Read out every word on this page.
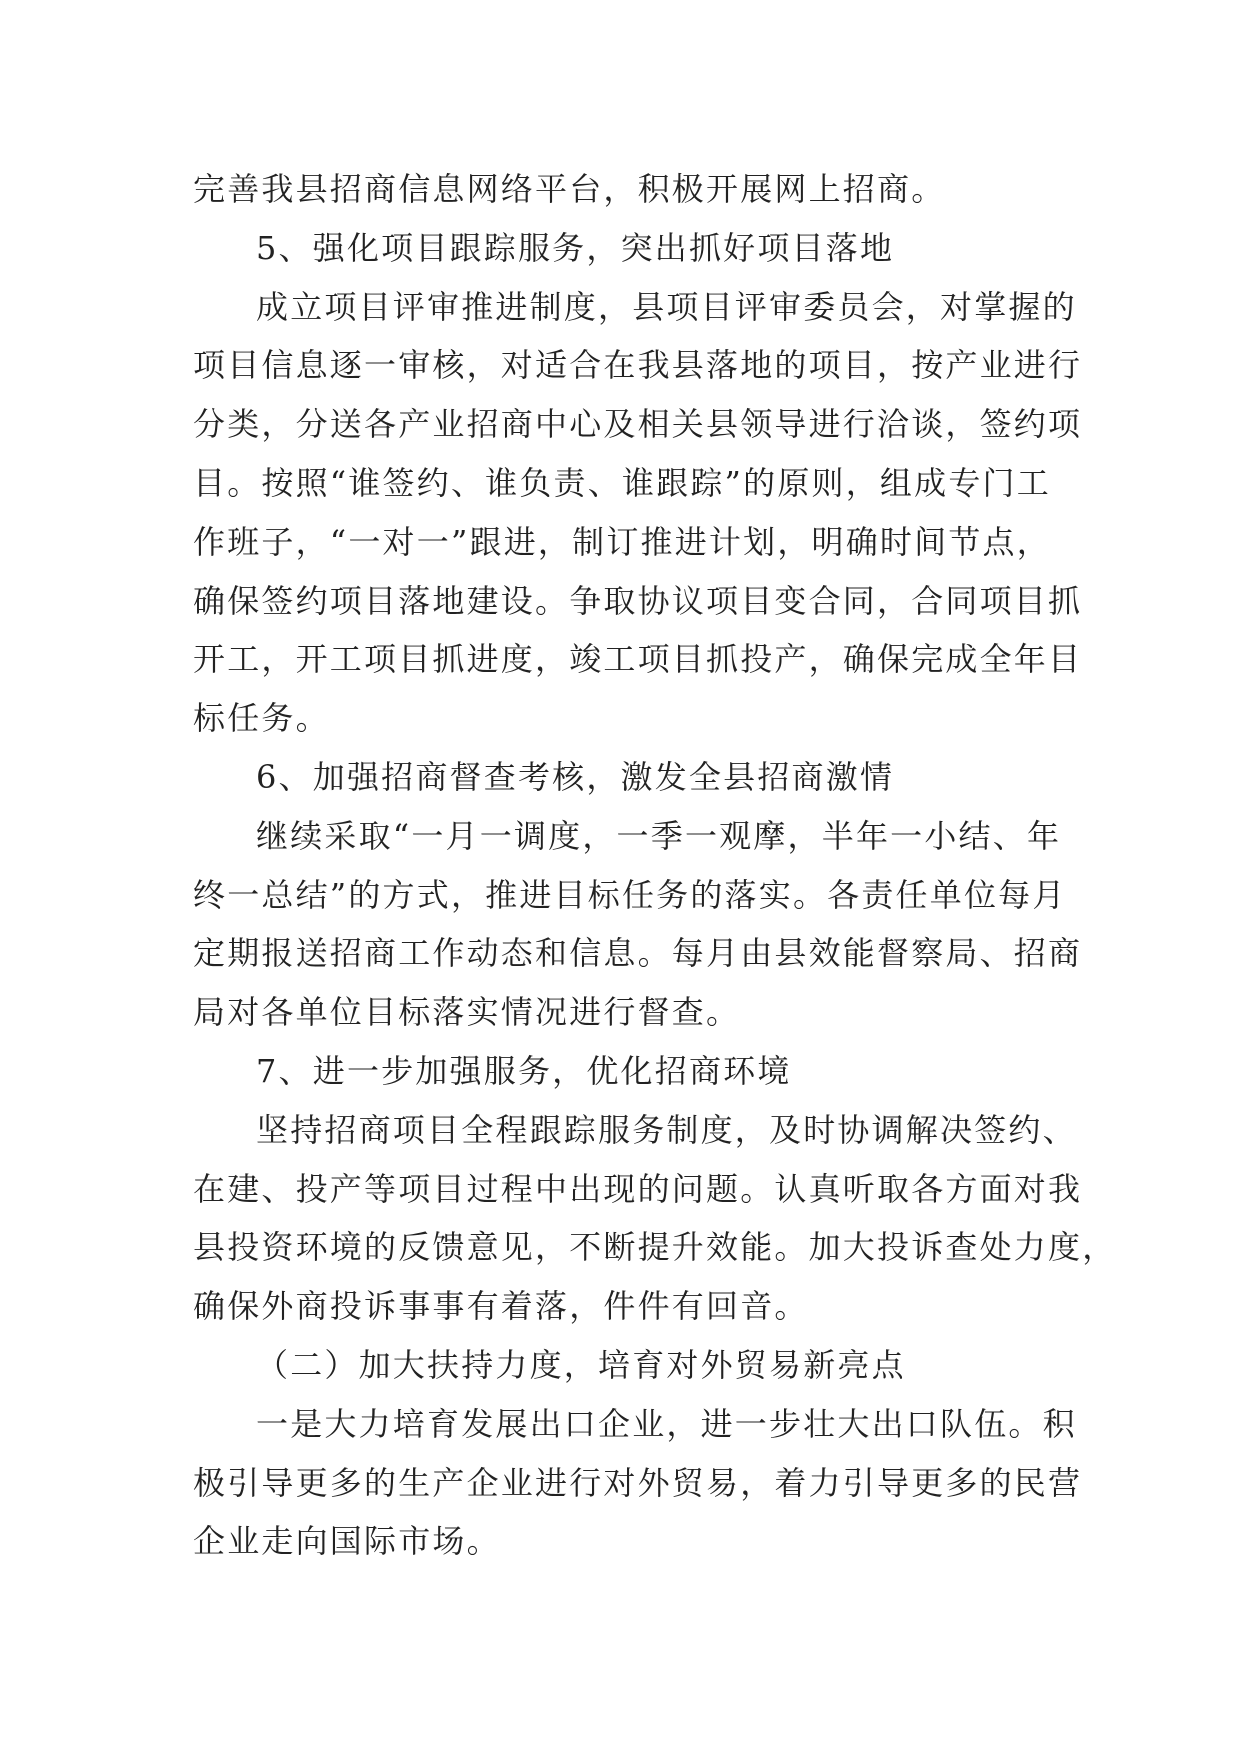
完善我县招商信息网络平台，积极开展网上招商。

5、强化项目跟踪服务，突出抓好项目落地

成立项目评审推进制度，县项目评审委员会，对掌握的

项目信息逐一审核，对适合在我县落地的项目，按产业进行

分类，分送各产业招商中心及相关县领导进行洽谈，签约项

目。按照“谁签约、谁负责、谁跟踪”的原则，组成专门工

作班子，“一对一”跟进，制订推进计划，明确时间节点，

确保签约项目落地建设。争取协议项目变合同，合同项目抓

开工，开工项目抓进度，竣工项目抓投产，确保完成全年目

标任务。

6、加强招商督查考核，激发全县招商激情

继续采取“一月一调度，一季一观摩，半年一小结、年

终一总结”的方式，推进目标任务的落实。各责任单位每月

定期报送招商工作动态和信息。每月由县效能督察局、招商

局对各单位目标落实情况进行督查。

7、进一步加强服务，优化招商环境

坚持招商项目全程跟踪服务制度，及时协调解决签约、

在建、投产等项目过程中出现的问题。认真听取各方面对我

县投资环境的反馈意见，不断提升效能。加大投诉查处力度，

确保外商投诉事事有着落，件件有回音。

（二）加大扶持力度，培育对外贸易新亮点

一是大力培育发展出口企业，进一步壮大出口队伍。积

极引导更多的生产企业进行对外贸易，着力引导更多的民营

企业走向国际市场。
